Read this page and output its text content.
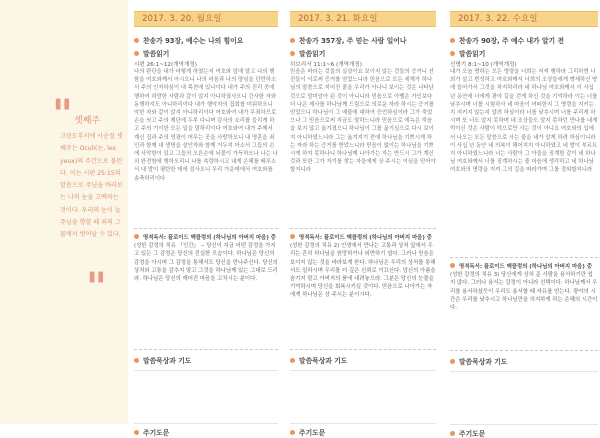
" 셋째주
고린도후서에 사순절 셋째주는 Oculi(눈, les yeux)의 주간으로 불린다. 이는 시편 25:15의 말씀으로 주님을 바라보는 나의 눈을 고백하는 것이다. 우리의 눈이 늘 주님을 향할 때 죄의 그물에서 벗어날 수 있다.
"
2017. 3. 20. 월요일
찬송가 93장, 예수는 나의 힘이요
말씀읽기
시편 26:1~12(개역개정)
나의 판단을 내가 어떻게 하였는지 여호와 앞에 알고 나의 행함을 여호와께서 아시오니 나의 마음과 나의 양심을 단련하소서 주의 인자하심이 내 목전에 있나이다 내가 주의 진리 중에 행하여 허망한 사람과 같이 앉지 아니하였사오니 간사한 자와 동행하지도 아니하리이다 내가 행악자의 집회를 미워하오니 악한 자와 같이 앉지 아니하리이다 여호와여 내가 무죄하므로 손을 씻고 주의 제단에 두루 다니며 감사의 소리를 들리게 하고 주의 기이한 모든 일을 말하리이다 여호와여 내가 주께서 계신 집과 주의 영광이 머무는 곳을 사랑하오니 내 영혼을 죄인과 함께 내 생명을 살인자와 함께 거두지 마소서 그들의 손에 사악함이 있고 그들의 오른손에 뇌물이 가득하오나 나는 나의 완전함에 행하오리니 나를 속량하시고 내게 은혜를 베푸소서 내 발이 평탄한 데에 섰사오니 무리 가운데에서 여호와를 송축하리이다
영적독서: 플로이드 맥클렁의 (하나님의 아버지 마음) 중
(성한 감정의 치유 『인간』 -- 당신이 지금 어떤 감정을 가지고 있든 그 감정은 당신의 진실한 모습이다. 하나님은 당신의 감정을 아시며 그 감정을 통해서도 당신을 만나주신다. 당신의 상처와 고통을 감추지 말고 그것을 하나님께 있는 그대로 드리라. 하나님은 당신의 깨어진 마음을 고치시는 분이다.
말씀묵상과 기도
주기도문
2017. 3. 21. 화요일
찬송가 357장, 주 믿는 사람 일어나
말씀읽기
히브리서 11:1~6 (개역개정)
믿음은 바라는 것들의 실상이요 보이지 않는 것들의 증거니 선진들이 이로써 증거를 얻었느니라 믿음으로 모든 세계가 하나님의 말씀으로 지어진 줄을 우리가 아나니 보이는 것은 나타난 것으로 말미암아 된 것이 아니니라 믿음으로 아벨은 가인보다 더 나은 제사를 하나님께 드림으로 의로운 자라 하시는 증거를 얻었으니 하나님이 그 예물에 대하여 증언하심이라 그가 죽었으나 그 믿음으로써 지금도 말하느니라 믿음으로 에녹은 죽음을 보지 않고 옮겨졌으니 하나님이 그를 옮기심으로 다시 보이지 아니하였느니라 그는 옮겨지기 전에 하나님을 기쁘시게 하는 자라 하는 증거를 받았느니라 믿음이 없이는 하나님을 기쁘시게 하지 못하나니 하나님께 나아가는 자는 반드시 그가 계신 것과 또한 그가 자기를 찾는 자들에게 상 주시는 이심을 믿어야 할지니라
영적독서: 플로이드 맥클렁의 (하나님의 아버지 마음) 중
(성한 감정의 치유 2) 인생에서 만나는 고통과 상처 앞에서 우리는 흔히 하나님을 원망하거나 외면하기 쉽다. 그러나 믿음은 보이지 않는 것을 바라보게 한다. 하나님은 우리의 상처를 통해서도 일하시며 우리를 더 깊은 신뢰로 이끄신다. 당신의 아픔을 숨기지 말고 아버지의 품에 내려놓으라. 그분은 당신의 눈물을 기억하시며 당신을 회복시키실 것이다. 믿음으로 나아가는 자에게 하나님은 상 주시는 분이시다.
말씀묵상과 기도
주기도문
2017. 3. 22. 수요일
찬송가 90장, 주 예수 내가 알기 전
말씀읽기
신명기 8:1~10 (개역개정)
내가 오늘 명하는 모든 명령을 너희는 지켜 행하라 그리하면 너희가 살고 번성하고 여호와께서 너희의 조상들에게 맹세하신 땅에 들어가서 그것을 차지하리라 네 하나님 여호와께서 이 사십 년 동안에 너에게 광야 길을 걷게 하신 것을 기억하라 이는 너를 낮추시며 너를 시험하사 네 마음이 어떠한지 그 명령을 지키는지 지키지 않는지 알려 하심이라 너를 낮추시며 너를 주리게 하시며 또 너도 알지 못하며 네 조상들도 알지 못하던 만나를 네게 먹이신 것은 사람이 떡으로만 사는 것이 아니요 여호와의 입에서 나오는 모든 말씀으로 사는 줄을 네가 알게 하려 하심이니라 이 사십 년 동안 네 의복이 해어지지 아니하였고 네 발이 부르트지 아니하였느니라 너는 사람이 그 아들을 징계함 같이 네 하나님 여호와께서 너를 징계하시는 줄 마음에 생각하고 네 하나님 여호와의 명령을 지켜 그의 길을 따라가며 그를 경외할지니라
영적독서: 플로이드 맥클렁의 (하나님의 아버지 마음) 중
(성한 감정의 치유 3) 당신에게 상처 준 사람을 용서하기란 쉽지 않다. 그러나 용서는 감정이 아니라 선택이다. 하나님께서 우리를 용서하셨듯이 우리도 용서할 때 자유를 얻는다. 광야의 시간은 우리를 낮추시고 하나님만을 의지하게 하는 은혜의 시간이다.
말씀묵상과 기도
주기도문
